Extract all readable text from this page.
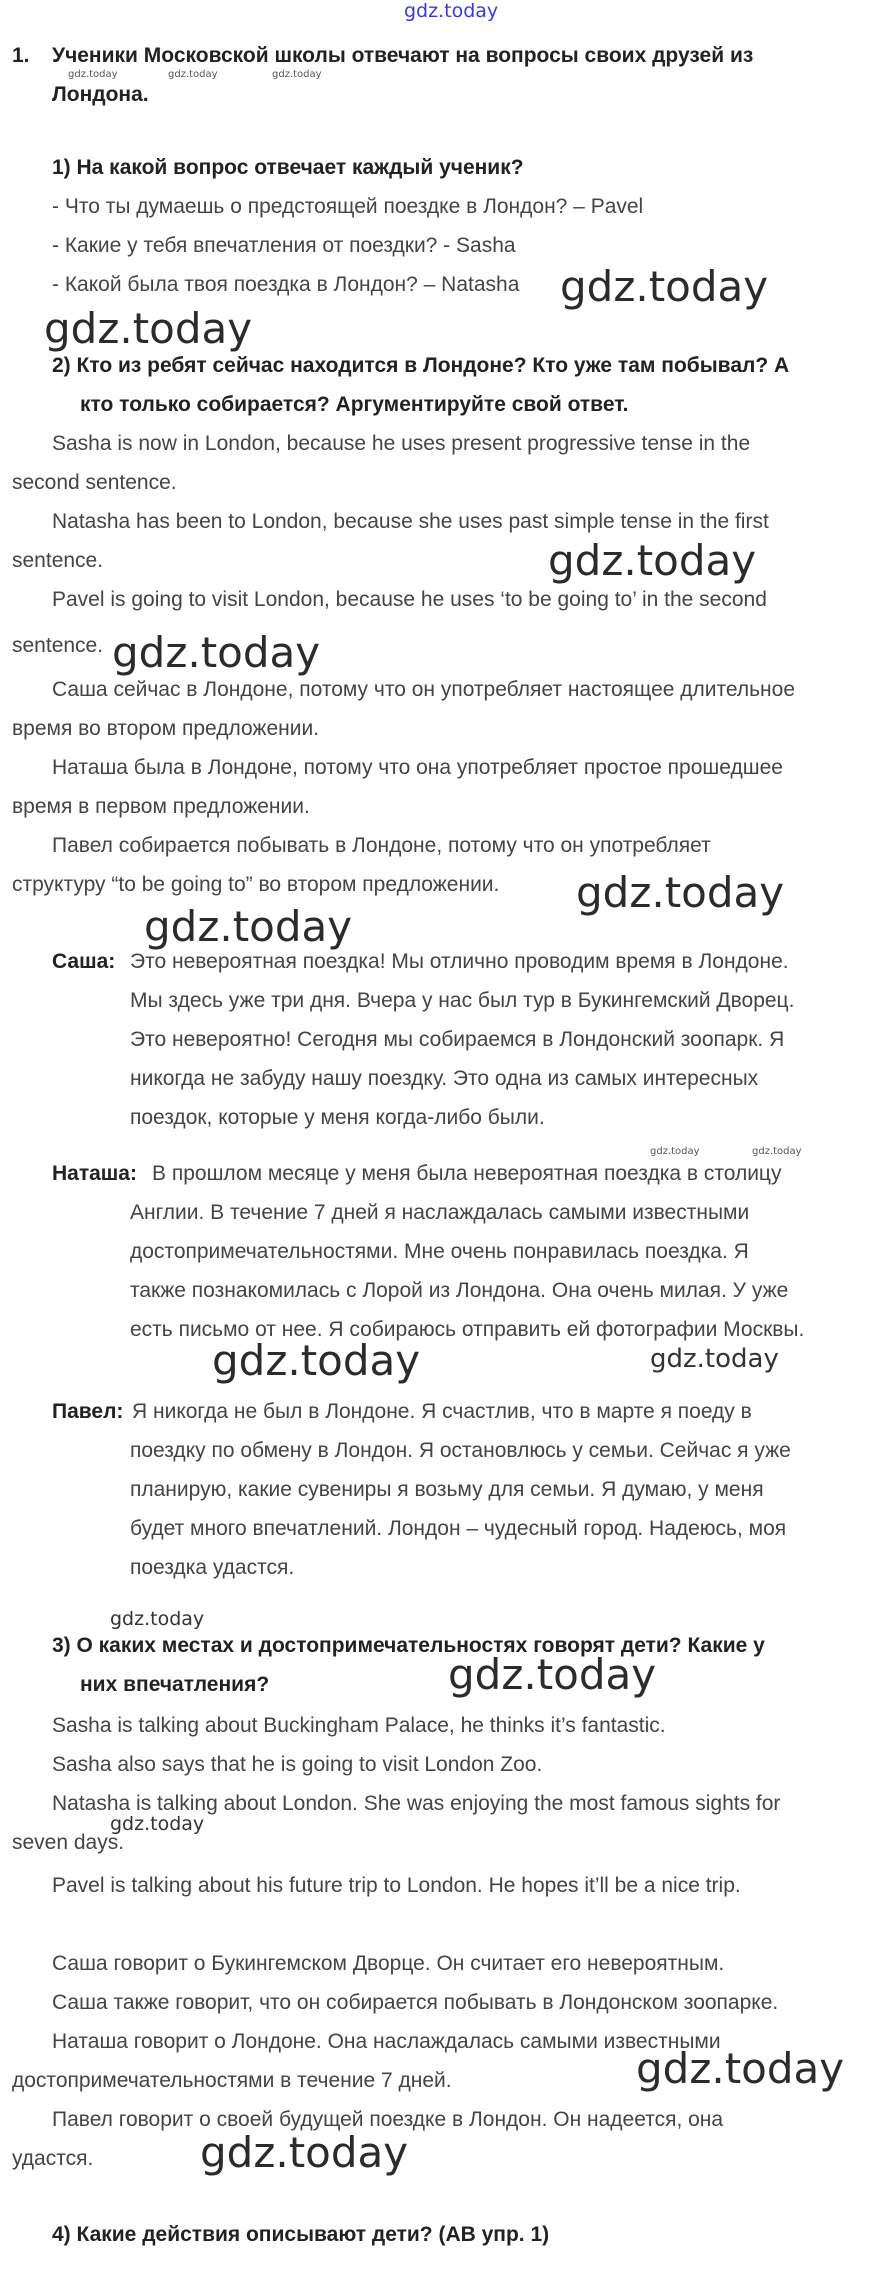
gdz.today
1. Ученики Московской школы отвечают на вопросы своих друзей из
Лондона.
gdz.today	gdz.today	gdz.today
1) На какой вопрос отвечает каждый ученик?
- Что ты думаешь о предстоящей поездке в Лондон? – Pavel
- Какие у тебя впечатления от поездки? - Sasha
- Какой была твоя поездка в Лондон? – Natasha gdz.today
gdz.today
2) Кто из ребят сейчас находится в Лондоне? Кто уже там побывал? А
кто только собирается? Аргументируйте свой ответ.
Sasha is now in London, because he uses present progressive tense in the
second sentence.
Natasha has been to London, because she uses past simple tense in the first
sentence.	gdz.today
Pavel is going to visit London, because he uses ‘to be going to’ in the second
sentence. gdz.today
Саша сейчас в Лондоне, потому что он употребляет настоящее длительное
время во втором предложении.
Наташа была в Лондоне, потому что она употребляет простое прошедшее
время в первом предложении.
Павел собирается побывать в Лондоне, потому что он употребляет
структуру “to be going to” во втором предложении. gdz.today
gdz.today
Саша: Это невероятная поездка! Мы отлично проводим время в Лондоне.
Мы здесь уже три дня. Вчера у нас был тур в Букингемский Дворец.
Это невероятно! Сегодня мы собираемся в Лондонский зоопарк. Я
никогда не забуду нашу поездку. Это одна из самых интересных
поездок, которые у меня когда-либо были.
gdz.today	gdz.today
Наташа: В прошлом месяце у меня была невероятная поездка в столицу
Англии. В течение 7 дней я наслаждалась самыми известными
достопримечательностями. Мне очень понравилась поездка. Я
также познакомилась с Лорой из Лондона. Она очень милая. У уже
есть письмо от нее. Я собираюсь отправить ей фотографии Москвы.
gdz.today	gdz.today
Павел: Я никогда не был в Лондоне. Я счастлив, что в марте я поеду в
поездку по обмену в Лондон. Я остановлюсь у семьи. Сейчас я уже
планирую, какие сувениры я возьму для семьи. Я думаю, у меня
будет много впечатлений. Лондон – чудесный город. Надеюсь, моя
поездка удастся.
gdz.today
3) О каких местах и достопримечательностях говорят дети? Какие у
них впечатления?	gdz.today
Sasha is talking about Buckingham Palace, he thinks it’s fantastic.
Sasha also says that he is going to visit London Zoo.
Natasha is talking about London. She was enjoying the most famous sights for
seven days.
gdz.today
Pavel is talking about his future trip to London. He hopes it’ll be a nice trip.
Саша говорит о Букингемском Дворце. Он считает его невероятным.
Саша также говорит, что он собирается побывать в Лондонском зоопарке.
Наташа говорит о Лондоне. Она наслаждалась самыми известными
достопримечательностями в течение 7 дней.	gdz.today
Павел говорит о своей будущей поездке в Лондон. Он надеется, она
удастся.	gdz.today
4) Какие действия описывают дети? (АВ упр. 1)
